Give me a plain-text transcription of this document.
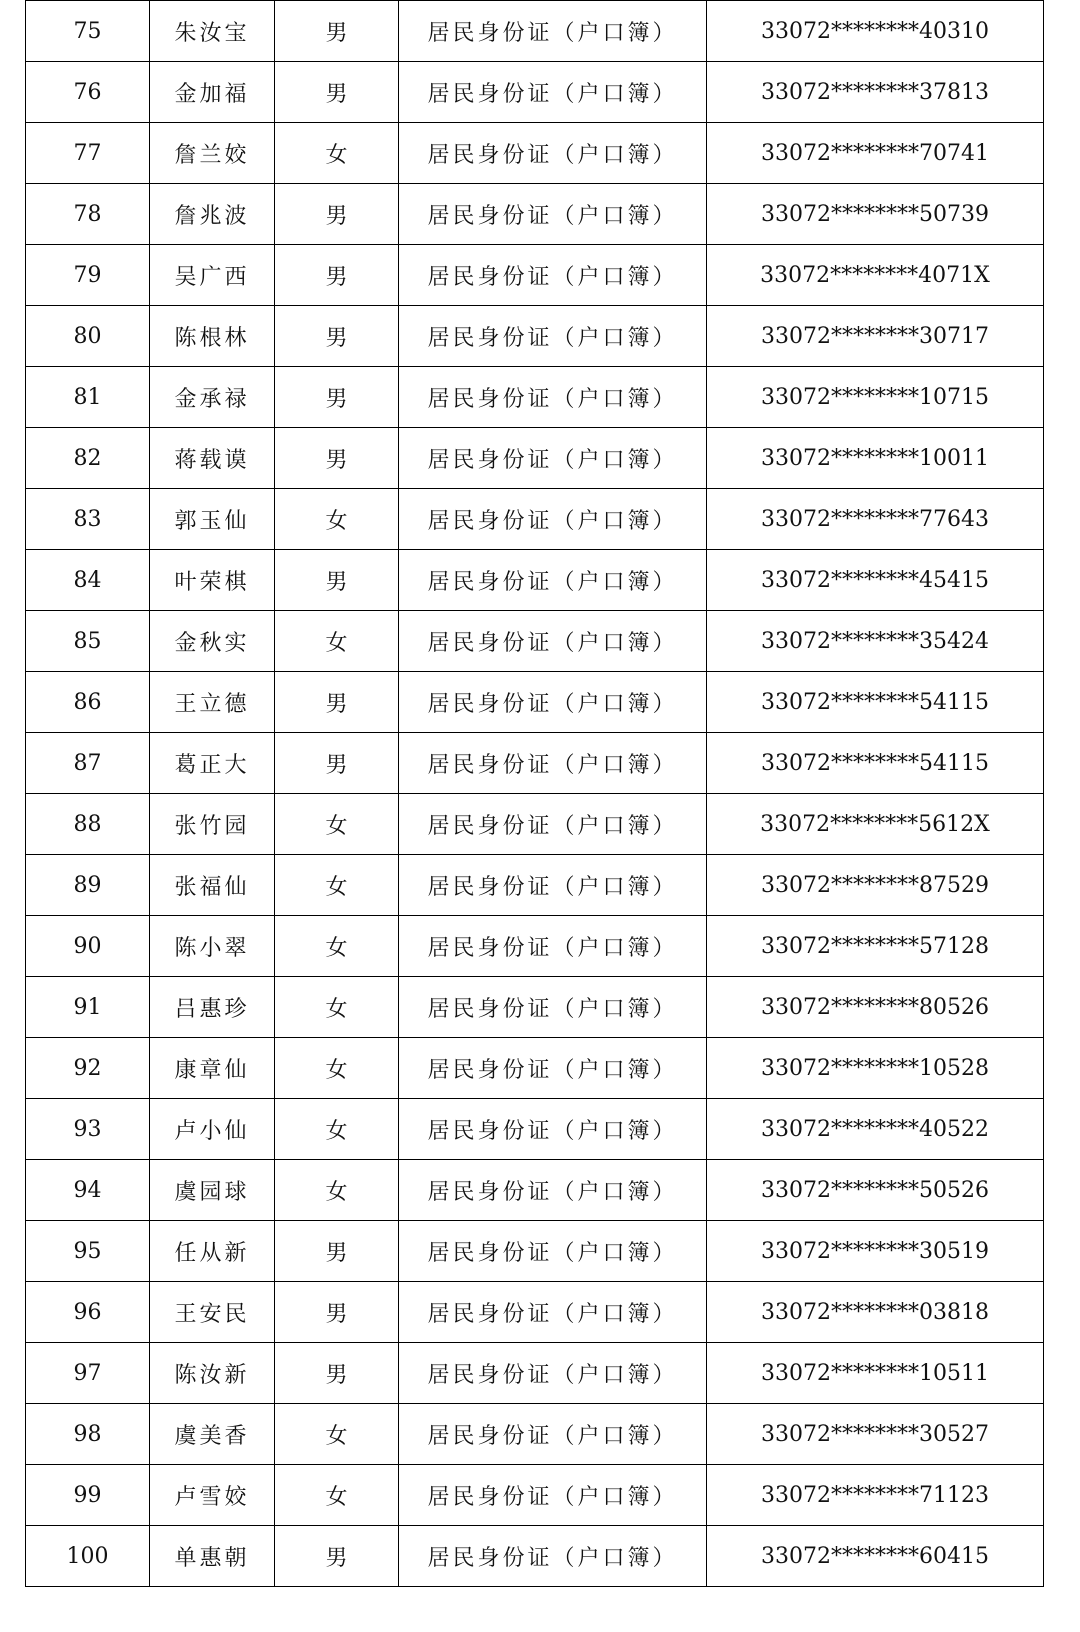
75	朱汝宝	男	居民身份证（户口簿）	33072********40310
76	金加福	男	居民身份证（户口簿）	33072********37813
77	詹兰姣	女	居民身份证（户口簿）	33072********70741
78	詹兆波	男	居民身份证（户口簿）	33072********50739
79	吴广西	男	居民身份证（户口簿）	33072********4071X
80	陈根林	男	居民身份证（户口簿）	33072********30717
81	金承禄	男	居民身份证（户口簿）	33072********10715
82	蒋载谟	男	居民身份证（户口簿）	33072********10011
83	郭玉仙	女	居民身份证（户口簿）	33072********77643
84	叶荣棋	男	居民身份证（户口簿）	33072********45415
85	金秋实	女	居民身份证（户口簿）	33072********35424
86	王立德	男	居民身份证（户口簿）	33072********54115
87	葛正大	男	居民身份证（户口簿）	33072********54115
88	张竹园	女	居民身份证（户口簿）	33072********5612X
89	张福仙	女	居民身份证（户口簿）	33072********87529
90	陈小翠	女	居民身份证（户口簿）	33072********57128
91	吕惠珍	女	居民身份证（户口簿）	33072********80526
92	康章仙	女	居民身份证（户口簿）	33072********10528
93	卢小仙	女	居民身份证（户口簿）	33072********40522
94	虞园球	女	居民身份证（户口簿）	33072********50526
95	任从新	男	居民身份证（户口簿）	33072********30519
96	王安民	男	居民身份证（户口簿）	33072********03818
97	陈汝新	男	居民身份证（户口簿）	33072********10511
98	虞美香	女	居民身份证（户口簿）	33072********30527
99	卢雪姣	女	居民身份证（户口簿）	33072********71123
100	单惠朝	男	居民身份证（户口簿）	33072********60415
